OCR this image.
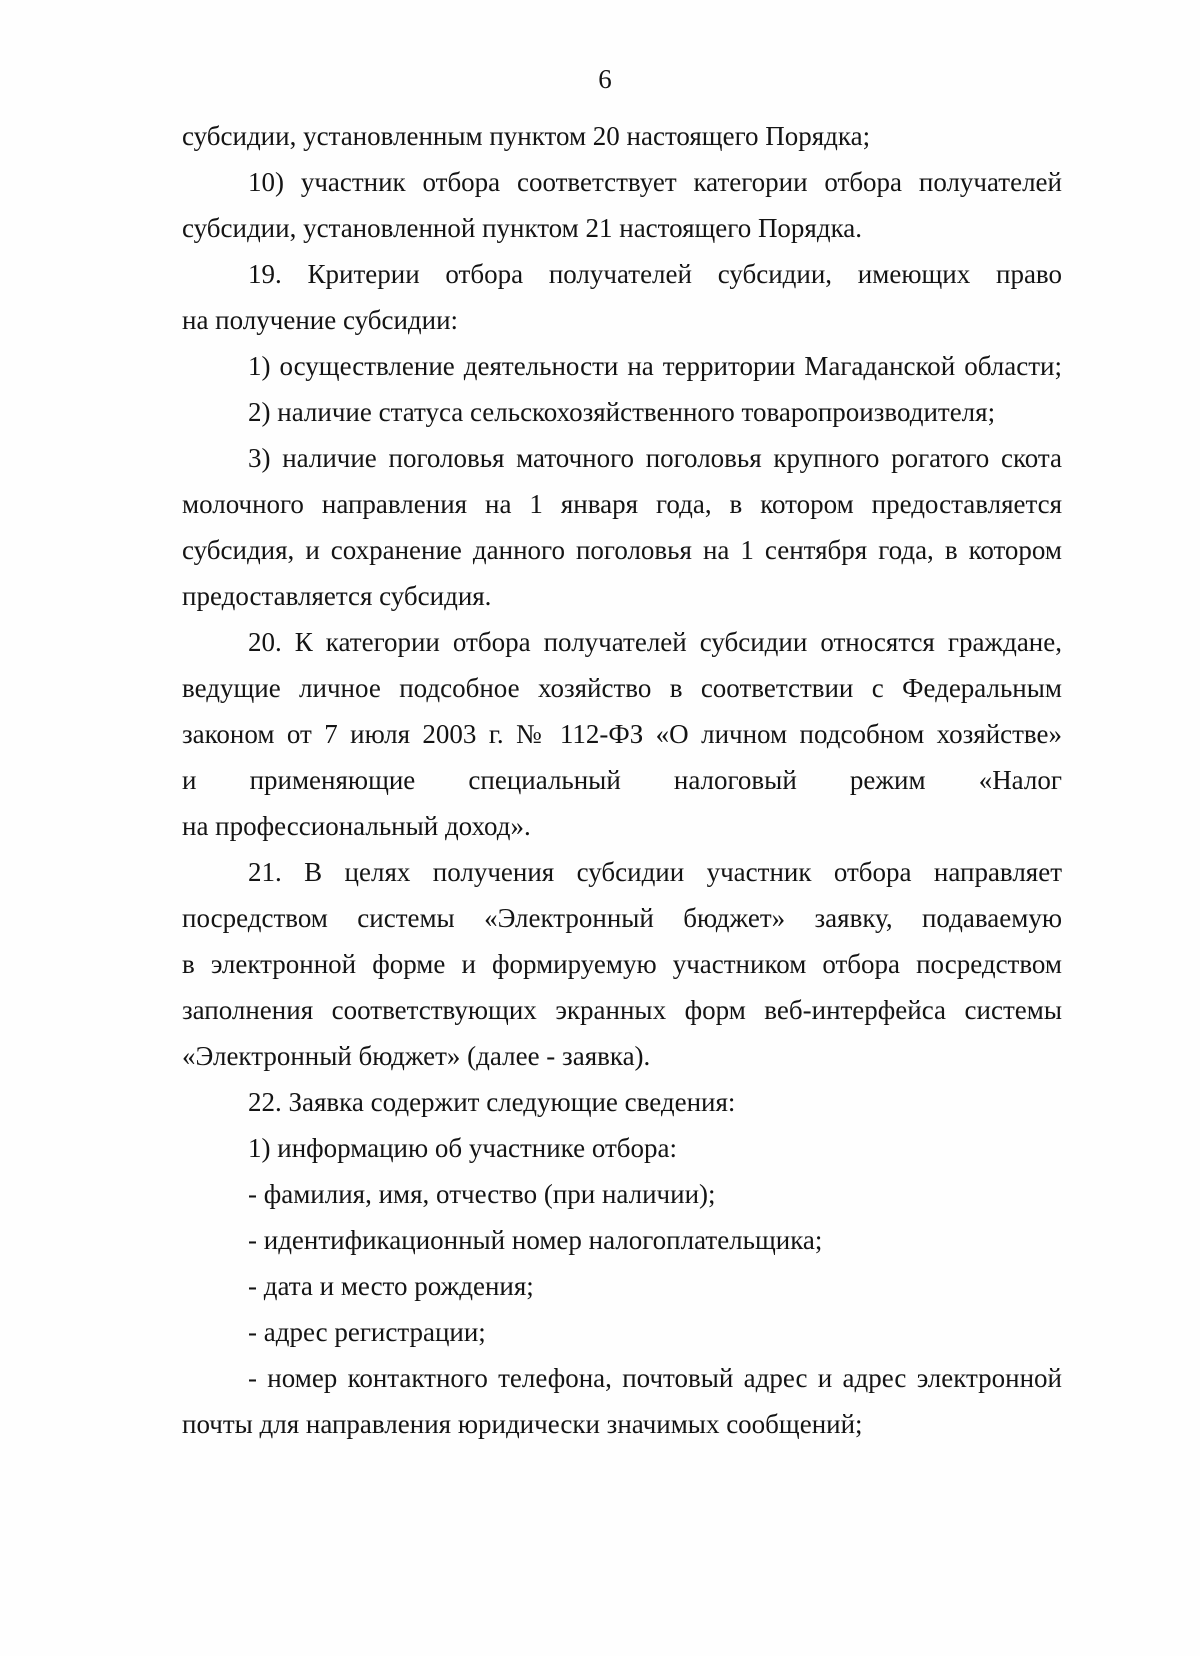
6
субсидии, установленным пунктом 20 настоящего Порядка;
10) участник отбора соответствует категории отбора получателей
субсидии, установленной пунктом 21 настоящего Порядка.
19. Критерии отбора получателей субсидии, имеющих право
на получение субсидии:
1) осуществление деятельности на территории Магаданской области;
2) наличие статуса сельскохозяйственного товаропроизводителя;
3) наличие поголовья маточного поголовья крупного рогатого скота
молочного направления на 1 января года, в котором предоставляется
субсидия, и сохранение данного поголовья на 1 сентября года, в котором
предоставляется субсидия.
20. К категории отбора получателей субсидии относятся граждане,
ведущие личное подсобное хозяйство в соответствии с Федеральным
законом от 7 июля 2003 г. № 112-ФЗ «О личном подсобном хозяйстве»
и применяющие специальный налоговый режим «Налог
на профессиональный доход».
21. В целях получения субсидии участник отбора направляет
посредством системы «Электронный бюджет» заявку, подаваемую
в электронной форме и формируемую участником отбора посредством
заполнения соответствующих экранных форм веб-интерфейса системы
«Электронный бюджет» (далее - заявка).
22. Заявка содержит следующие сведения:
1) информацию об участнике отбора:
- фамилия, имя, отчество (при наличии);
- идентификационный номер налогоплательщика;
- дата и место рождения;
- адрес регистрации;
- номер контактного телефона, почтовый адрес и адрес электронной
почты для направления юридически значимых сообщений;
